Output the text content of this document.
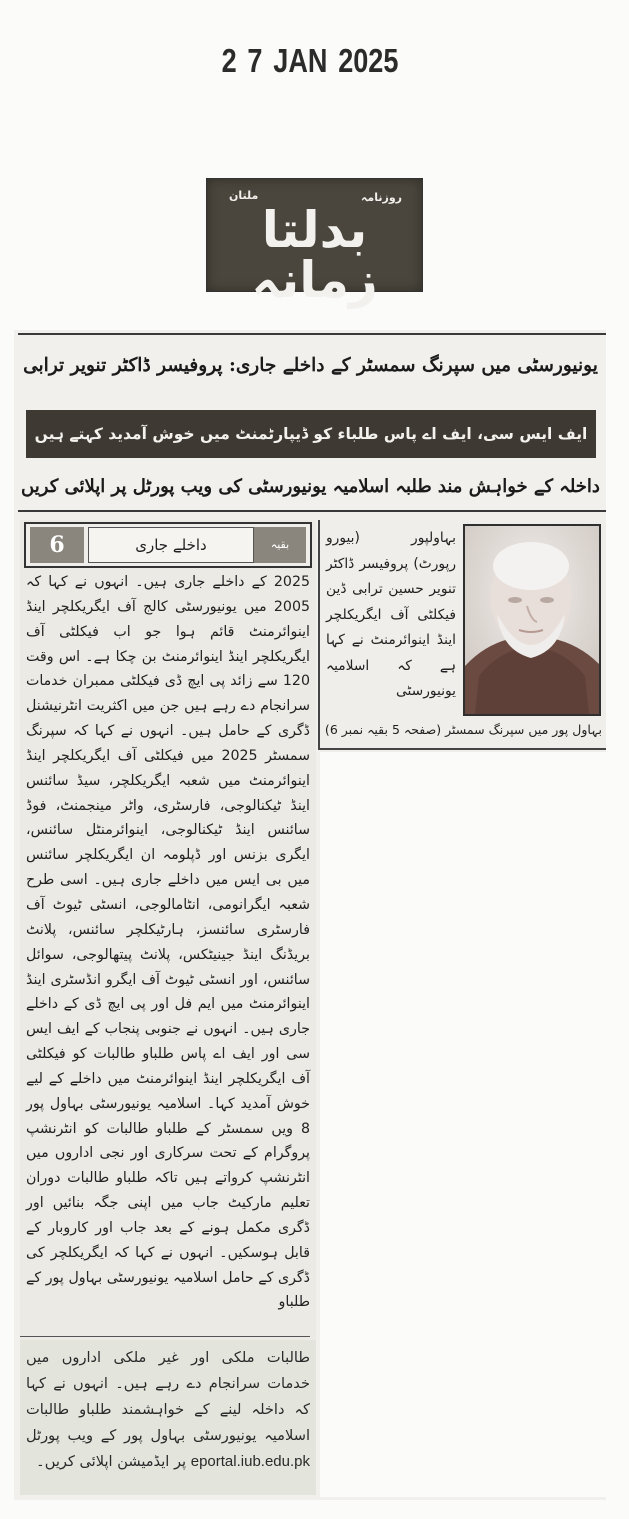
2 7 JAN 2025
روزنامہ
ملتان
بدلتا زمانہ
یونیورسٹی میں سپرنگ سمسٹر کے داخلے جاری: پروفیسر ڈاکٹر تنویر ترابی
ایف ایس سی، ایف اے پاس طلباء کو ڈیپارٹمنٹ میں خوش آمدید کہتے ہیں
داخلہ کے خواہش مند طلبہ اسلامیہ یونیورسٹی کی ویب پورٹل پر اپلائی کریں
6	داخلے جاری	بقیہ

2025 کے داخلے جاری ہیں۔ انہوں نے کہا کہ 2005 میں یونیورسٹی کالج آف ایگریکلچر اینڈ اینوائرمنٹ قائم ہوا جو اب فیکلٹی آف ایگریکلچر اینڈ اینوائرمنٹ بن چکا ہے۔ اس وقت 120 سے زائد پی ایچ ڈی فیکلٹی ممبران خدمات سرانجام دے رہے ہیں جن میں اکثریت انٹرنیشنل ڈگری کے حامل ہیں۔ انہوں نے کہا کہ سپرنگ سمسٹر 2025 میں فیکلٹی آف ایگریکلچر اینڈ اینوائرمنٹ میں شعبہ ایگریکلچر، سیڈ سائنس اینڈ ٹیکنالوجی، فارسٹری، واٹر مینجمنٹ، فوڈ سائنس اینڈ ٹیکنالوجی، اینوائرمنٹل سائنس، ایگری بزنس اور ڈپلومہ ان ایگریکلچر سائنس میں بی ایس میں داخلے جاری ہیں۔ اسی طرح شعبہ ایگرانومی، انٹامالوجی، انسٹی ٹیوٹ آف فارسٹری سائنسز، ہارٹیکلچر سائنس، پلانٹ بریڈنگ اینڈ جینیٹکس، پلانٹ پیتھالوجی، سوائل سائنس، اور انسٹی ٹیوٹ آف ایگرو انڈسٹری اینڈ اینوائرمنٹ میں ایم فل اور پی ایچ ڈی کے داخلے جاری ہیں۔ انہوں نے جنوبی پنجاب کے ایف ایس سی اور ایف اے پاس طلباو طالبات کو فیکلٹی آف ایگریکلچر اینڈ اینوائرمنٹ میں داخلے کے لیے خوش آمدید کہا۔ اسلامیہ یونیورسٹی بہاول پور 8 ویں سمسٹر کے طلباو طالبات کو انٹرنشپ پروگرام کے تحت سرکاری اور نجی اداروں میں انٹرنشپ کرواتے ہیں تاکہ طلباو طالبات دوران تعلیم مارکیٹ جاب میں اپنی جگہ بنائیں اور ڈگری مکمل ہونے کے بعد جاب اور کاروبار کے قابل ہوسکیں۔ انہوں نے کہا کہ ایگریکلچر کی ڈگری کے حامل اسلامیہ یونیورسٹی بہاول پور کے طلباو

طالبات ملکی اور غیر ملکی اداروں میں خدمات سرانجام دے رہے ہیں۔ انہوں نے کہا کہ داخلہ لینے کے خواہشمند طلباو طالبات اسلامیہ یونیورسٹی بہاول پور کے ویب پورٹل eportal.iub.edu.pk پر ایڈمیشن اپلائی کریں۔

بہاولپور (بیورو رپورٹ) پروفیسر ڈاکٹر تنویر حسین ترابی ڈین فیکلٹی آف ایگریکلچر اینڈ اینوائرمنٹ نے کہا ہے کہ اسلامیہ یونیورسٹی

بہاول پور میں سپرنگ سمسٹر (صفحہ 5 بقیہ نمبر 6)
